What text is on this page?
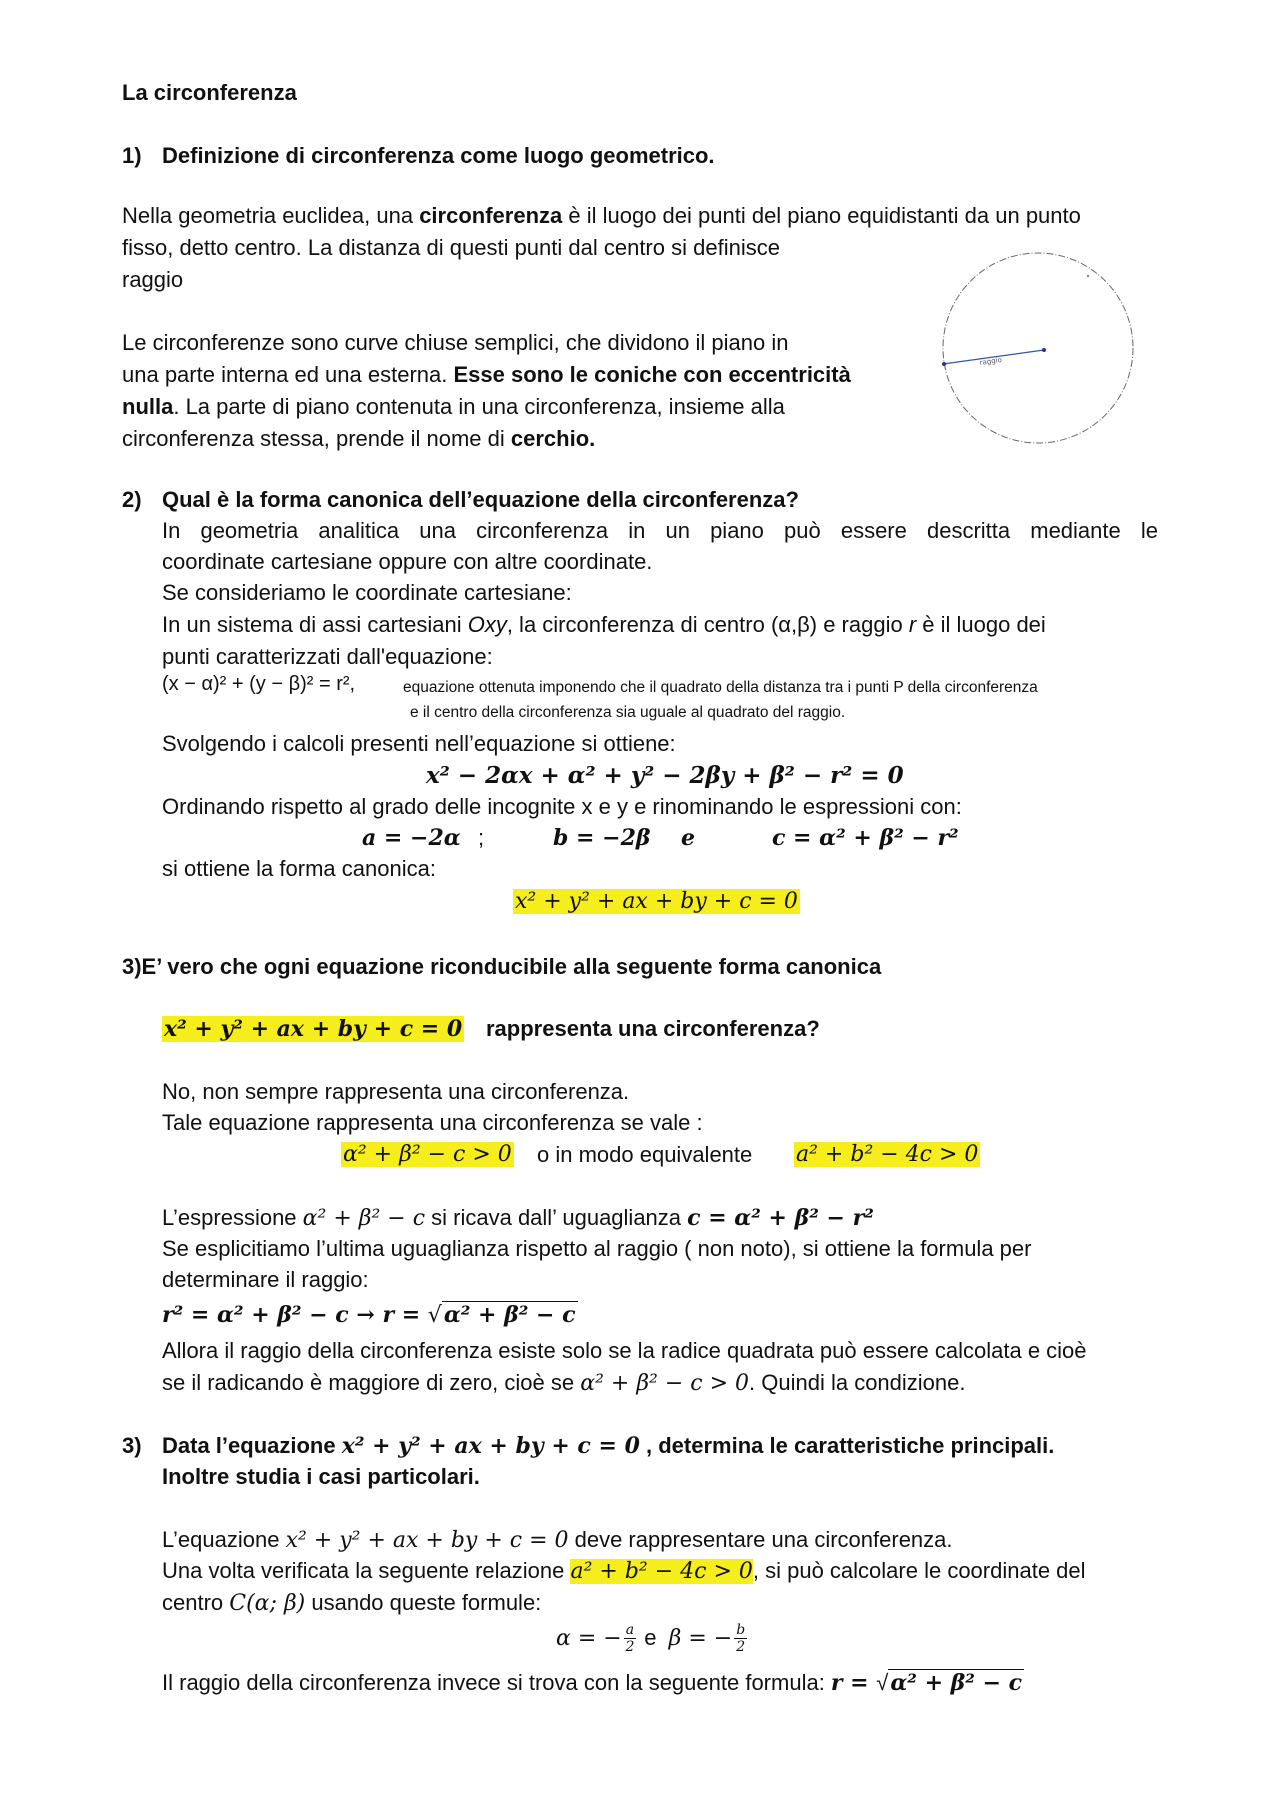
La circonferenza
1) Definizione di circonferenza come luogo geometrico.
Nella geometria euclidea, una circonferenza è il luogo dei punti del piano equidistanti da un punto
fisso, detto centro. La distanza di questi punti dal centro si definisce
raggio
Le circonferenze sono curve chiuse semplici, che dividono il piano in
una parte interna ed una esterna. Esse sono le coniche con eccentricità
nulla. La parte di piano contenuta in una circonferenza, insieme alla
circonferenza stessa, prende il nome di cerchio.
raggio
2) Qual è la forma canonica dell’equazione della circonferenza?
In geometria analitica una circonferenza in un piano può essere descritta mediante le
coordinate cartesiane oppure con altre coordinate.
Se consideriamo le coordinate cartesiane:
In un sistema di assi cartesiani Oxy, la circonferenza di centro (α,β) e raggio r è il luogo dei
punti caratterizzati dall'equazione:
(x − α)² + (y − β)² = r²,	equazione ottenuta imponendo che il quadrato della distanza tra i punti P della circonferenza
e il centro della circonferenza sia uguale al quadrato del raggio.
Svolgendo i calcoli presenti nell’equazione si ottiene:
x² − 2αx + α² + y² − 2βy + β² − r² = 0
Ordinando rispetto al grado delle incognite x e y e rinominando le espressioni con:
a = −2α ;	b = −2β e	c = α² + β² − r²
si ottiene la forma canonica:
x² + y² + ax + by + c = 0
3)E’ vero che ogni equazione riconducibile alla seguente forma canonica
x² + y² + ax + by + c = 0 rappresenta una circonferenza?
No, non sempre rappresenta una circonferenza.
Tale equazione rappresenta una circonferenza se vale :
α² + β² − c > 0 o in modo equivalente a² + b² − 4c > 0
L’espressione α² + β² − c si ricava dall’ uguaglianza c = α² + β² − r²
Se esplicitiamo l’ultima uguaglianza rispetto al raggio ( non noto), si ottiene la formula per
determinare il raggio:
r² = α² + β² − c → r = √α² + β² − c
Allora il raggio della circonferenza esiste solo se la radice quadrata può essere calcolata e cioè
se il radicando è maggiore di zero, cioè se α² + β² − c > 0. Quindi la condizione.
3) Data l’equazione x² + y² + ax + by + c = 0 , determina le caratteristiche principali.
Inoltre studia i casi particolari.
L’equazione x² + y² + ax + by + c = 0 deve rappresentare una circonferenza.
Una volta verificata la seguente relazione a² + b² − 4c > 0, si può calcolare le coordinate del
centro C(α; β) usando queste formule:
α = − $\frac{a}{2}$ e β = − $\frac{b}{2}$
Il raggio della circonferenza invece si trova con la seguente formula: r = √α² + β² − c
